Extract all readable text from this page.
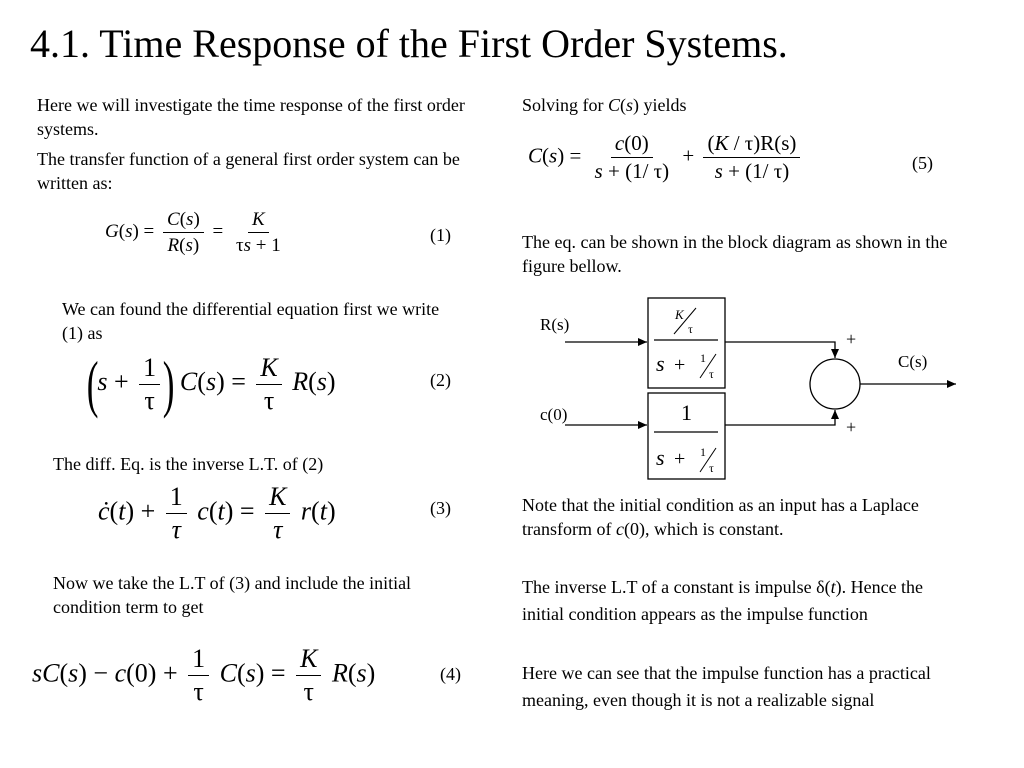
4.1. Time Response of the First Order Systems.
Here we will investigate the time response of the first order systems.
The transfer function of a general first order system can be written as:
$G(s) = \frac{C(s)}{R(s)} = \frac{K}{\tau s + 1}$	(1)
We can found the differential equation first we write (1) as
($s + \frac{1}{\tau}$ ) $C(s) = \frac{K}{\tau} R(s)$	(2)
The diff. Eq. is the inverse L.T. of (2)
ċ(t) + $\frac{1}{\tau} c(t) = \frac{K}{\tau} r(t)$	(3)
Now we take the L.T of (3) and include the initial condition term to get
$sC(s) - c(0) + \frac{1}{\tau} C(s) = \frac{K}{\tau} R(s)$	(4)
Solving for C(s) yields
$C(s) = \frac{c(0)}{s + (1/ \tau)} + \frac{(K / \tau)R(s)}{s + (1/ \tau)}$	(5)
The eq. can be shown in the block diagram as shown in the figure bellow.
R(s)
c(0)
C(s)
+
+
K
τ
s + 1
τ
1
s + 1
τ
Note that the initial condition as an input has a Laplace transform of c(0), which is constant.
The inverse L.T of a constant is impulse δ(t). Hence the initial condition appears as the impulse function
Here we can see that the impulse function has a practical meaning, even though it is not a realizable signal
